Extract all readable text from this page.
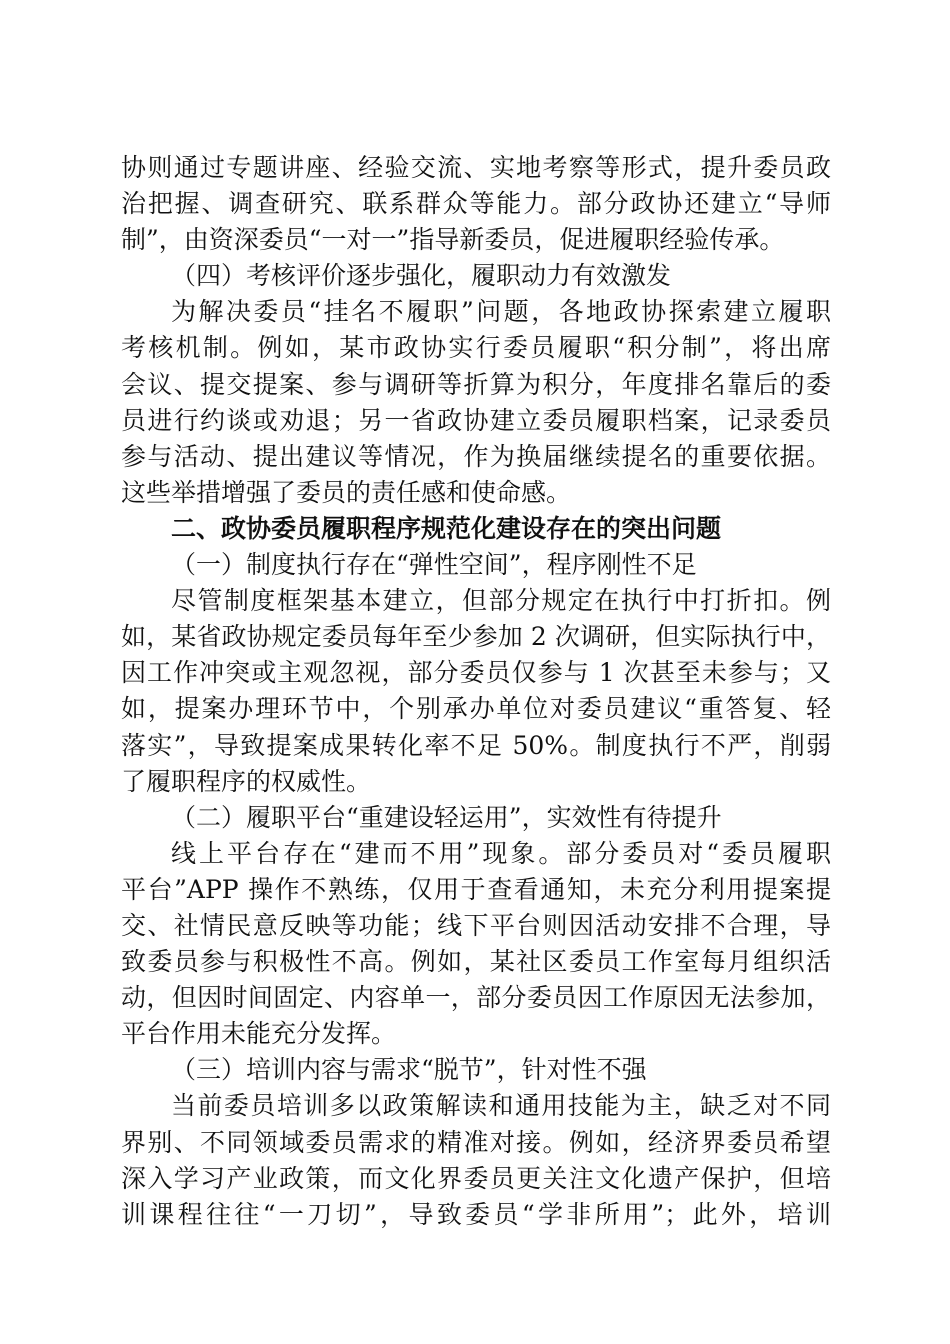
协则通过专题讲座、经验交流、实地考察等形式，提升委员政
治把握、调查研究、联系群众等能力。部分政协还建立“导师
制”，由资深委员“一对一”指导新委员，促进履职经验传承。
（四）考核评价逐步强化，履职动力有效激发
为解决委员“挂名不履职”问题，各地政协探索建立履职
考核机制。例如，某市政协实行委员履职“积分制”，将出席
会议、提交提案、参与调研等折算为积分，年度排名靠后的委
员进行约谈或劝退；另一省政协建立委员履职档案，记录委员
参与活动、提出建议等情况，作为换届继续提名的重要依据。
这些举措增强了委员的责任感和使命感。
二、政协委员履职程序规范化建设存在的突出问题
（一）制度执行存在“弹性空间”，程序刚性不足
尽管制度框架基本建立，但部分规定在执行中打折扣。例
如，某省政协规定委员每年至少参加 2 次调研，但实际执行中，
因工作冲突或主观忽视，部分委员仅参与 1 次甚至未参与；又
如，提案办理环节中，个别承办单位对委员建议“重答复、轻
落实”，导致提案成果转化率不足 50%。制度执行不严，削弱
了履职程序的权威性。
（二）履职平台“重建设轻运用”，实效性有待提升
线上平台存在“建而不用”现象。部分委员对“委员履职
平台”APP 操作不熟练，仅用于查看通知，未充分利用提案提
交、社情民意反映等功能；线下平台则因活动安排不合理，导
致委员参与积极性不高。例如，某社区委员工作室每月组织活
动，但因时间固定、内容单一，部分委员因工作原因无法参加，
平台作用未能充分发挥。
（三）培训内容与需求“脱节”，针对性不强
当前委员培训多以政策解读和通用技能为主，缺乏对不同
界别、不同领域委员需求的精准对接。例如，经济界委员希望
深入学习产业政策，而文化界委员更关注文化遗产保护，但培
训课程往往“一刀切”，导致委员“学非所用”；此外，培训
